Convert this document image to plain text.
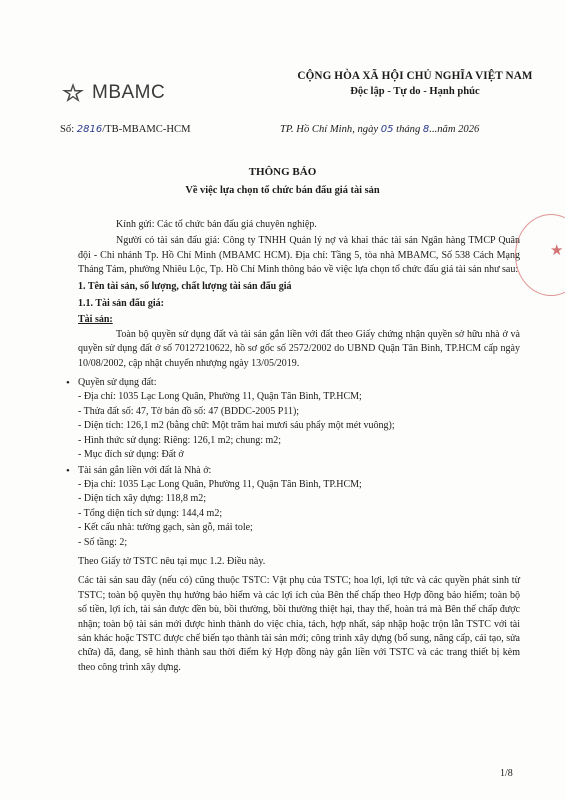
MBAMC
CỘNG HÒA XÃ HỘI CHỦ NGHĨA VIỆT NAM
Độc lập - Tự do - Hạnh phúc
Số: 2816/TB-MBAMC-HCM	TP. Hồ Chí Minh, ngày 05 tháng 8...năm 2026
THÔNG BÁO
Về việc lựa chọn tổ chức bán đấu giá tài sản

Kính gửi: Các tổ chức bán đấu giá chuyên nghiệp.

Người có tài sản đấu giá: Công ty TNHH Quản lý nợ và khai thác tài sản Ngân hàng TMCP Quân đội - Chi nhánh Tp. Hồ Chí Minh (MBAMC HCM). Địa chỉ: Tầng 5, tòa nhà MBAMC, Số 538 Cách Mạng Tháng Tám, phường Nhiêu Lộc, Tp. Hồ Chí Minh thông báo về việc lựa chọn tổ chức đấu giá tài sản như sau:

1. Tên tài sản, số lượng, chất lượng tài sản đấu giá

1.1. Tài sản đấu giá:

Tài sản:

Toàn bộ quyền sử dụng đất và tài sản gắn liền với đất theo Giấy chứng nhận quyền sở hữu nhà ở và quyền sử dụng đất ở số 70127210622, hồ sơ gốc số 2572/2002 do UBND Quận Tân Bình, TP.HCM cấp ngày 10/08/2002, cập nhật chuyển nhượng ngày 13/05/2019.

• Quyền sử dụng đất:

- Địa chỉ: 1035 Lạc Long Quân, Phường 11, Quận Tân Bình, TP.HCM;

- Thửa đất số: 47, Tờ bản đồ số: 47 (BDDC-2005 P11);

- Diện tích: 126,1 m2 (bằng chữ: Một trăm hai mươi sáu phẩy một mét vuông);

- Hình thức sử dụng: Riêng: 126,1 m2; chung: m2;

- Mục đích sử dụng: Đất ở

• Tài sản gắn liền với đất là Nhà ở:

- Địa chỉ: 1035 Lạc Long Quân, Phường 11, Quận Tân Bình, TP.HCM;

- Diện tích xây dựng: 118,8 m2;

- Tổng diện tích sử dụng: 144,4 m2;

- Kết cấu nhà: tường gạch, sàn gỗ, mái tole;

- Số tầng: 2;

Theo Giấy tờ TSTC nêu tại mục 1.2. Điều này.

Các tài sản sau đây (nếu có) cũng thuộc TSTC: Vật phụ của TSTC; hoa lợi, lợi tức và các quyền phát sinh từ TSTC; toàn bộ quyền thụ hưởng bảo hiểm và các lợi ích của Bên thế chấp theo Hợp đồng bảo hiểm; toàn bộ số tiền, lợi ích, tài sản được đền bù, bồi thường, bồi thường thiệt hại, thay thế, hoàn trả mà Bên thế chấp được nhận; toàn bộ tài sản mới được hình thành do việc chia, tách, hợp nhất, sáp nhập hoặc trộn lẫn TSTC với tài sản khác hoặc TSTC được chế biến tạo thành tài sản mới; công trình xây dựng (bổ sung, nâng cấp, cải tạo, sửa chữa) đã, đang, sẽ hình thành sau thời điểm ký Hợp đồng này gắn liền với TSTC và các trang thiết bị kèm theo công trình xây dựng.

★
1/8
